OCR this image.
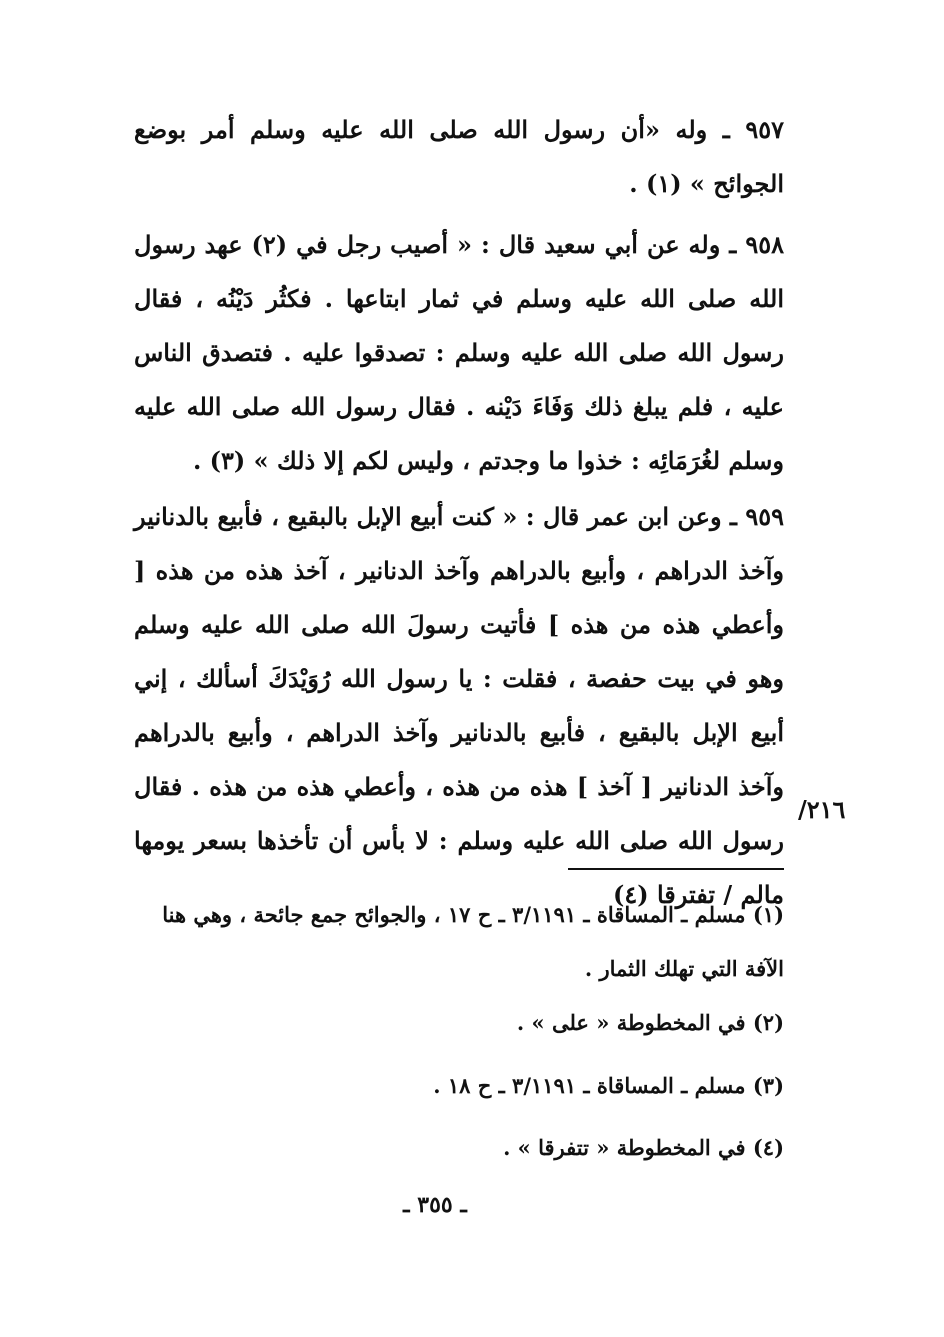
٩٥٧ ـ وله «أن رسول الله صلى الله عليه وسلم أمر بوضع الجوائح » (١) .
٩٥٨ ـ وله عن أبي سعيد قال : « أصيب رجل في (٢) عهد رسول الله صلى الله عليه وسلم في ثمار ابتاعها . فكثُر دَيْنُه ، فقال رسول الله صلى الله عليه وسلم : تصدقوا عليه . فتصدق الناس عليه ، فلم يبلغ ذلك وَفَاءَ دَيْنه . فقال رسول الله صلى الله عليه وسلم لغُرَمَائِه : خذوا ما وجدتم ، وليس لكم إلا ذلك » (٣) .
٩٥٩ ـ وعن ابن عمر قال : « كنت أبيع الإبل بالبقيع ، فأبيع بالدنانير وآخذ الدراهم ، وأبيع بالدراهم وآخذ الدنانير ، آخذ هذه من هذه [ وأعطي هذه من هذه ] فأتيت رسولَ الله صلى الله عليه وسلم وهو في بيت حفصة ، فقلت : يا رسول الله رُوَيْدَكَ أسألك ، إني أبيع الإبل بالبقيع ، فأبيع بالدنانير وآخذ الدراهم ، وأبيع بالدراهم وآخذ الدنانير [ آخذ ] هذه من هذه ، وأعطي هذه من هذه . فقال رسول الله صلى الله عليه وسلم : لا بأس أن تأخذها بسعر يومها مالم / تفترقا (٤)
٢١٦/
(١) مسلم ـ المساقاة ـ ٣/١١٩١ ـ ح ١٧ ، والجوائح جمع جائحة ، وهي هنا الآفة التي تهلك الثمار .
(٢) في المخطوطة « على » .
(٣) مسلم ـ المساقاة ـ ٣/١١٩١ ـ ح ١٨ .
(٤) في المخطوطة « تتفرقا » .
ـ ٣٥٥ ـ
